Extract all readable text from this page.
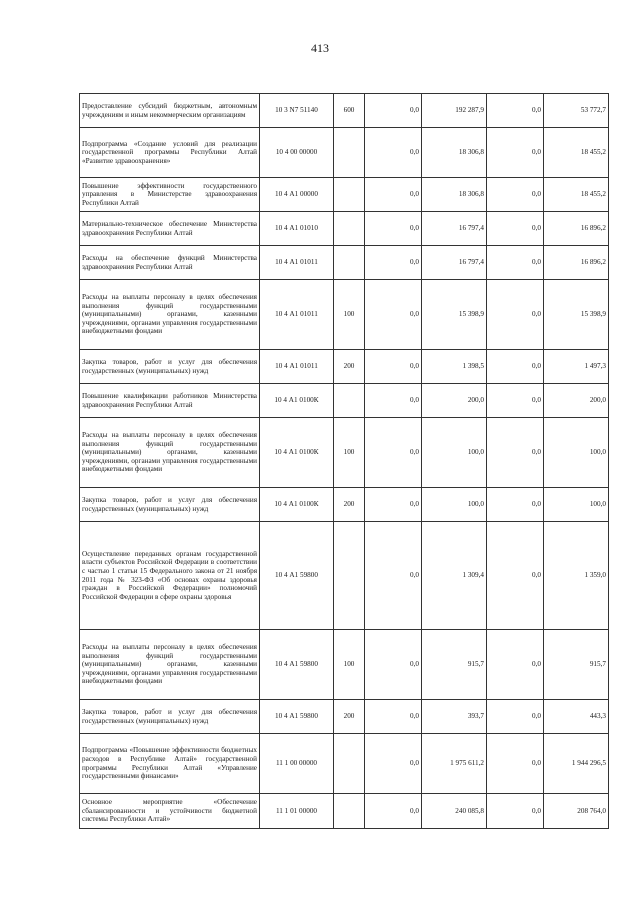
413
Предоставление субсидий бюджетным, автономным учреждениям и иным некоммерческим организациям	10 3 N7 51140	600	0,0	192 287,9	0,0	53 772,7
Подпрограмма «Создание условий для реализации государственной программы Республики Алтай «Развитие здравоохранения»	10 4 00 00000		0,0	18 306,8	0,0	18 455,2
Повышение эффективности государственного управления в Министерстве здравоохранения Республики Алтай	10 4 А1 00000		0,0	18 306,8	0,0	18 455,2
Материально-техническое обеспечение Министерства здравоохранения Республики Алтай	10 4 А1 01010		0,0	16 797,4	0,0	16 896,2
Расходы на обеспечение функций Министерства здравоохранения Республики Алтай	10 4 А1 01011		0,0	16 797,4	0,0	16 896,2
Расходы на выплаты персоналу в целях обеспечения выполнения функций государственными (муниципальными) органами, казенными учреждениями, органами управления государственными внебюджетными фондами	10 4 А1 01011	100	0,0	15 398,9	0,0	15 398,9
Закупка товаров, работ и услуг для обеспечения государственных (муниципальных) нужд	10 4 А1 01011	200	0,0	1 398,5	0,0	1 497,3
Повышение квалификации работников Министерства здравоохранения Республики Алтай	10 4 А1 0100К		0,0	200,0	0,0	200,0
Расходы на выплаты персоналу в целях обеспечения выполнения функций государственными (муниципальными) органами, казенными учреждениями, органами управления государственными внебюджетными фондами	10 4 А1 0100К	100	0,0	100,0	0,0	100,0
Закупка товаров, работ и услуг для обеспечения государственных (муниципальных) нужд	10 4 А1 0100К	200	0,0	100,0	0,0	100,0
Осуществление переданных органам государственной власти субъектов Российской Федерации в соответствии с частью 1 статьи 15 Федерального закона от 21 ноября 2011 года № 323-ФЗ «Об основах охраны здоровья граждан в Российской Федерации» полномочий Российской Федерации в сфере охраны здоровья	10 4 А1 59800		0,0	1 309,4	0,0	1 359,0
Расходы на выплаты персоналу в целях обеспечения выполнения функций государственными (муниципальными) органами, казенными учреждениями, органами управления государственными внебюджетными фондами	10 4 А1 59800	100	0,0	915,7	0,0	915,7
Закупка товаров, работ и услуг для обеспечения государственных (муниципальных) нужд	10 4 А1 59800	200	0,0	393,7	0,0	443,3
Подпрограмма «Повышение эффективности бюджетных расходов в Республике Алтай» государственной программы Республики Алтай «Управление государственными финансами»	11 1 00 00000		0,0	1 975 611,2	0,0	1 944 296,5
Основное мероприятие «Обеспечение сбалансированности и устойчивости бюджетной системы Республики Алтай»	11 1 01 00000		0,0	240 085,8	0,0	208 764,0
